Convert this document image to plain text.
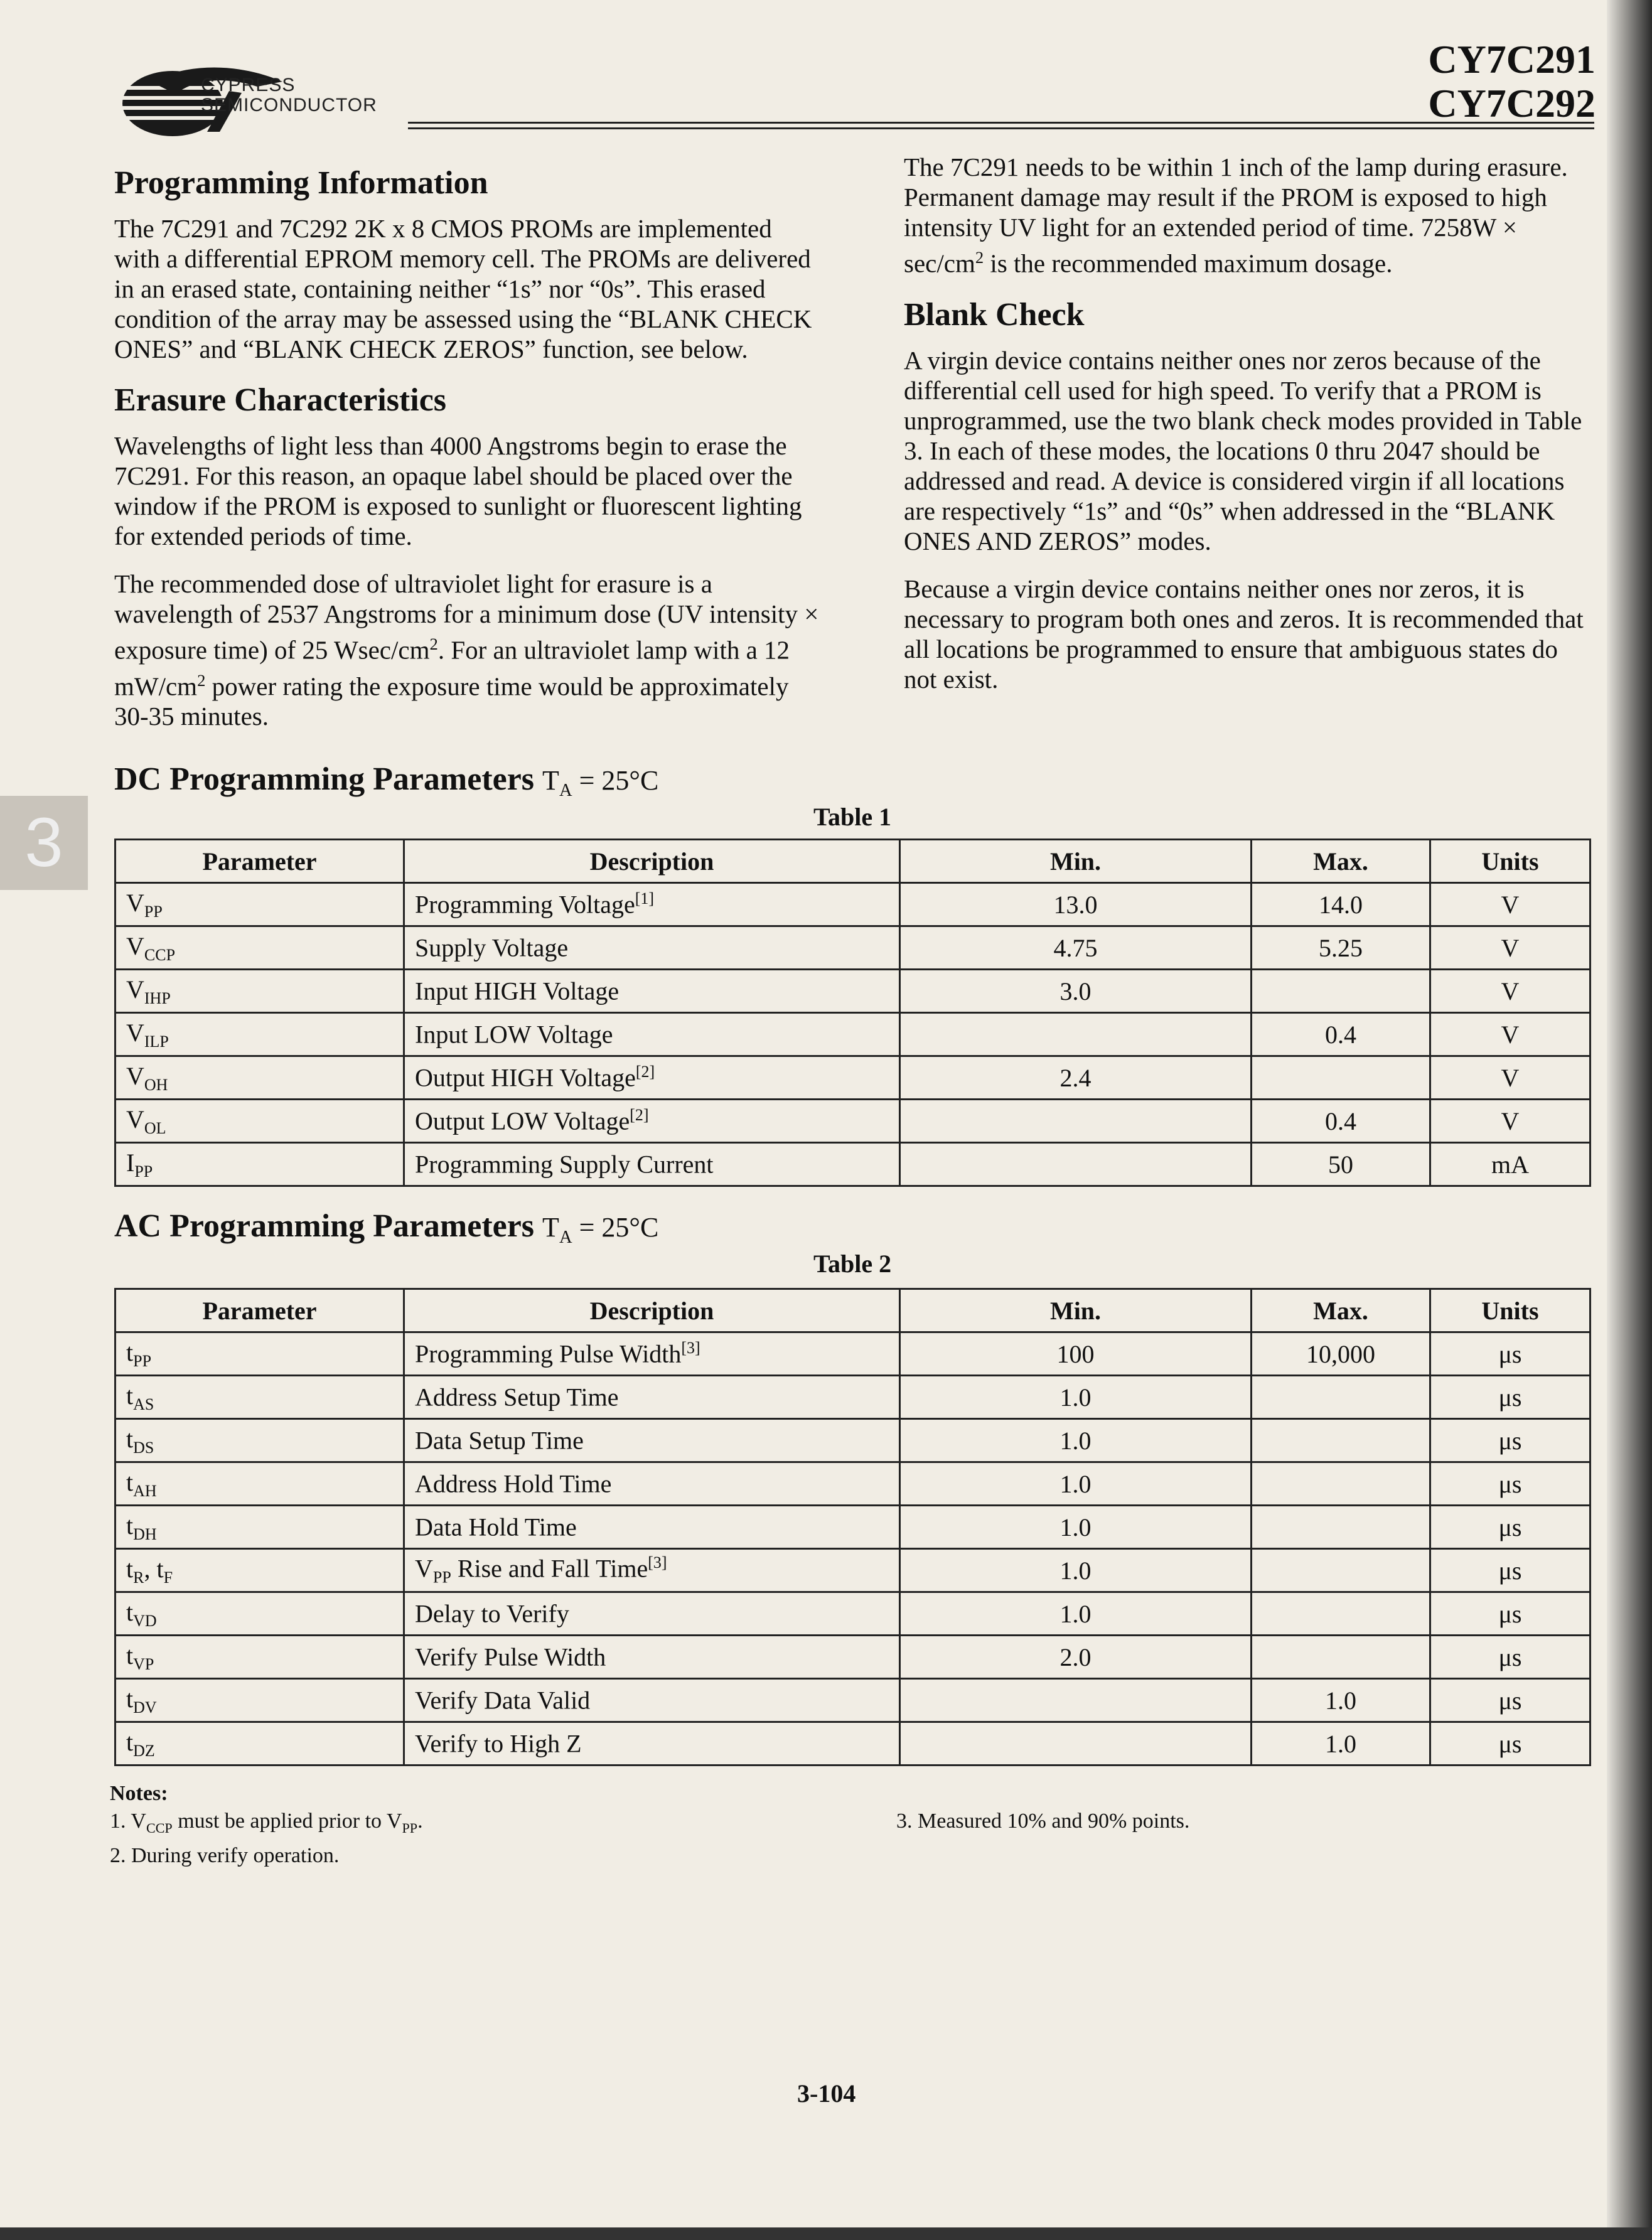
CYPRESS
SEMICONDUCTOR
CY7C291
CY7C292
Programming Information

The 7C291 and 7C292 2K x 8 CMOS PROMs are implemented with a differential EPROM memory cell. The PROMs are delivered in an erased state, containing neither “1s” nor “0s”. This erased condition of the array may be assessed using the “BLANK CHECK ONES” and “BLANK CHECK ZEROS” function, see below.

Erasure Characteristics

Wavelengths of light less than 4000 Angstroms begin to erase the 7C291. For this reason, an opaque label should be placed over the window if the PROM is exposed to sunlight or fluorescent lighting for extended periods of time.

The recommended dose of ultraviolet light for erasure is a wavelength of 2537 Angstroms for a minimum dose (UV intensity × exposure time) of 25 Wsec/$cm^2$. For an ultraviolet lamp with a 12 $mW/cm^2$ power rating the exposure time would be approximately 30-35 minutes.

The 7C291 needs to be within 1 inch of the lamp during erasure. Permanent damage may result if the PROM is exposed to high intensity UV light for an extended period of time. $7258W \times \sec/cm^2$ is the recommended maximum dosage.

Blank Check

A virgin device contains neither ones nor zeros because of the differential cell used for high speed. To verify that a PROM is unprogrammed, use the two blank check modes provided in Table 3. In each of these modes, the locations 0 thru 2047 should be addressed and read. A device is considered virgin if all locations are respectively “1s” and “0s” when addressed in the “BLANK ONES AND ZEROS” modes.

Because a virgin device contains neither ones nor zeros, it is necessary to program both ones and zeros. It is recommended that all locations be programmed to ensure that ambiguous states do not exist.

3
DC Programming Parameters $T_A = 25^\circ C$
Table 1
Parameter	Description	Min.	Max.	Units
$V_{PP}$	Programming Voltage[1]	13.0	14.0	V
$V_{CCP}$	Supply Voltage	4.75	5.25	V
$V_{IHP}$	Input HIGH Voltage	3.0		V
$V_{ILP}$	Input LOW Voltage		0.4	V
$V_{OH}$	Output HIGH Voltage[2]	2.4		V
$V_{OL}$	Output LOW Voltage[2]		0.4	V
$I_{PP}$	Programming Supply Current		50	mA
AC Programming Parameters $T_A = 25^\circ C$
Table 2
Parameter	Description	Min.	Max.	Units
$t_{PP}$	Programming Pulse Width[3]	100	10,000	μs
$t_{AS}$	Address Setup Time	1.0		μs
$t_{DS}$	Data Setup Time	1.0		μs
$t_{AH}$	Address Hold Time	1.0		μs
$t_{DH}$	Data Hold Time	1.0		μs
$t_R$, $t_F$	$V_{PP}$ Rise and Fall Time[3]	1.0		μs
$t_{VD}$	Delay to Verify	1.0		μs
$t_{VP}$	Verify Pulse Width	2.0		μs
$t_{DV}$	Verify Data Valid		1.0	μs
$t_{DZ}$	Verify to High Z		1.0	μs
Notes:
1. $V_{CCP}$ must be applied prior to $V_{PP}$.
2. During verify operation.
3. Measured 10% and 90% points.
3-104
